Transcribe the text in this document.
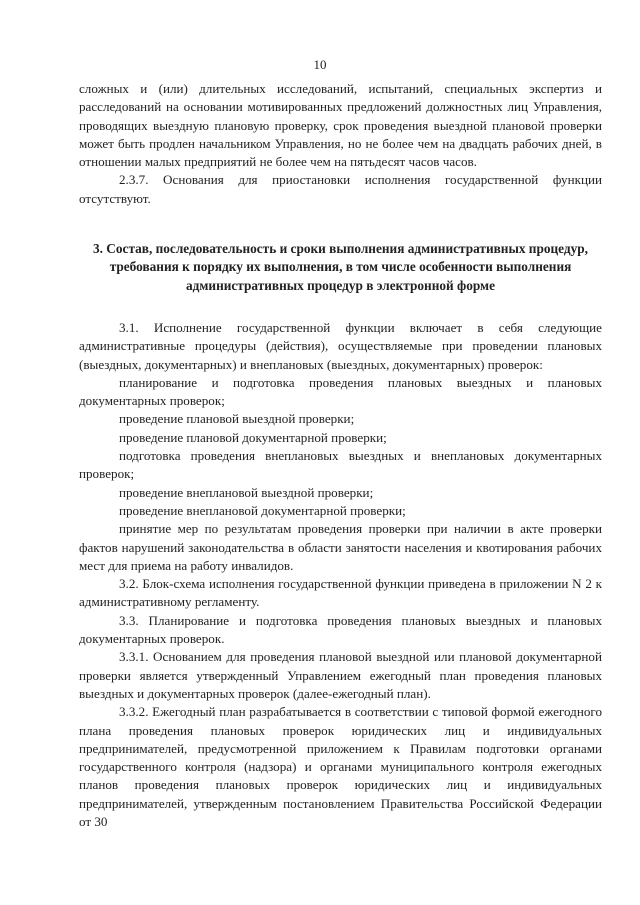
10

сложных и (или) длительных исследований, испытаний, специальных экспертиз и расследований на основании мотивированных предложений должностных лиц Управления, проводящих выездную плановую проверку, срок проведения выездной плановой проверки может быть продлен начальником Управления, но не более чем на двадцать рабочих дней, в отношении малых предприятий не более чем на пятьдесят часов часов.

2.3.7. Основания для приостановки исполнения государственной функции отсутствуют.

3. Состав, последовательность и сроки выполнения административных процедур, требования к порядку их выполнения, в том числе особенности выполнения административных процедур в электронной форме

3.1. Исполнение государственной функции включает в себя следующие административные процедуры (действия), осуществляемые при проведении плановых (выездных, документарных) и внеплановых (выездных, документарных) проверок:

планирование и подготовка проведения плановых выездных и плановых документарных проверок;

проведение плановой выездной проверки;

проведение плановой документарной проверки;

подготовка проведения внеплановых выездных и внеплановых документарных проверок;

проведение внеплановой выездной проверки;

проведение внеплановой документарной проверки;

принятие мер по результатам проведения проверки при наличии в акте проверки фактов нарушений законодательства в области занятости населения и квотирования рабочих мест для приема на работу инвалидов.

3.2. Блок-схема исполнения государственной функции приведена в приложении N 2 к административному регламенту.

3.3. Планирование и подготовка проведения плановых выездных и плановых документарных проверок.

3.3.1. Основанием для проведения плановой выездной или плановой документарной проверки является утвержденный Управлением ежегодный план проведения плановых выездных и документарных проверок (далее-ежегодный план).

3.3.2. Ежегодный план разрабатывается в соответствии с типовой формой ежегодного плана проведения плановых проверок юридических лиц и индивидуальных предпринимателей, предусмотренной приложением к Правилам подготовки органами государственного контроля (надзора) и органами муниципального контроля ежегодных планов проведения плановых проверок юридических лиц и индивидуальных предпринимателей, утвержденным постановлением Правительства Российской Федерации от 30
